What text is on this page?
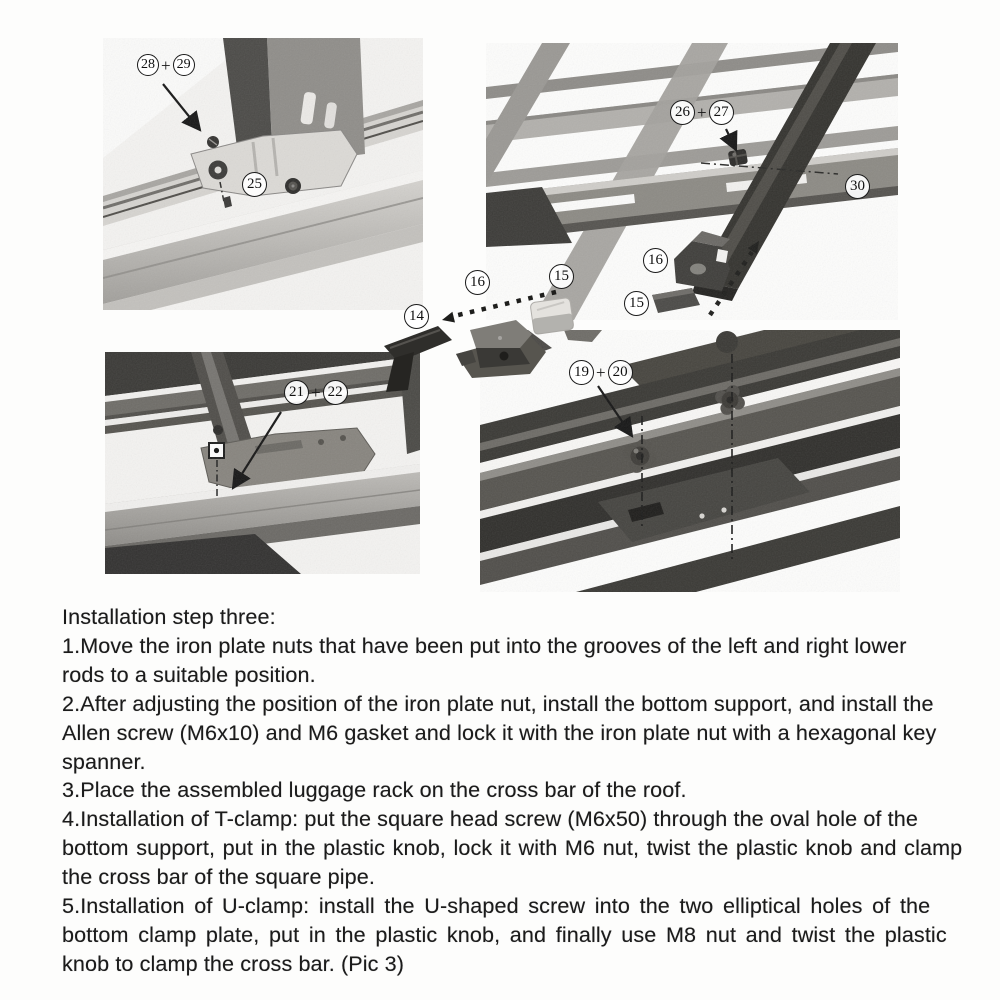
28 + 29
25
26 + 27
30
16
15
14
16	15
21 + 22
19 + 20
Installation step three:
1.Move the iron plate nuts that have been put into the grooves of the left and right lower
rods to a suitable position.
2.After adjusting the position of the iron plate nut, install the bottom support, and install the
Allen screw (M6x10) and M6 gasket and lock it with the iron plate nut with a hexagonal key
spanner.
3.Place the assembled luggage rack on the cross bar of the roof.
4.Installation of T-clamp: put the square head screw (M6x50) through the oval hole of the
bottom support, put in the plastic knob, lock it with M6 nut, twist the plastic knob and clamp
the cross bar of the square pipe.
5.Installation of U-clamp: install the U-shaped screw into the two elliptical holes of the
bottom clamp plate, put in the plastic knob, and finally use M8 nut and twist the plastic
knob to clamp the cross bar. (Pic 3)
